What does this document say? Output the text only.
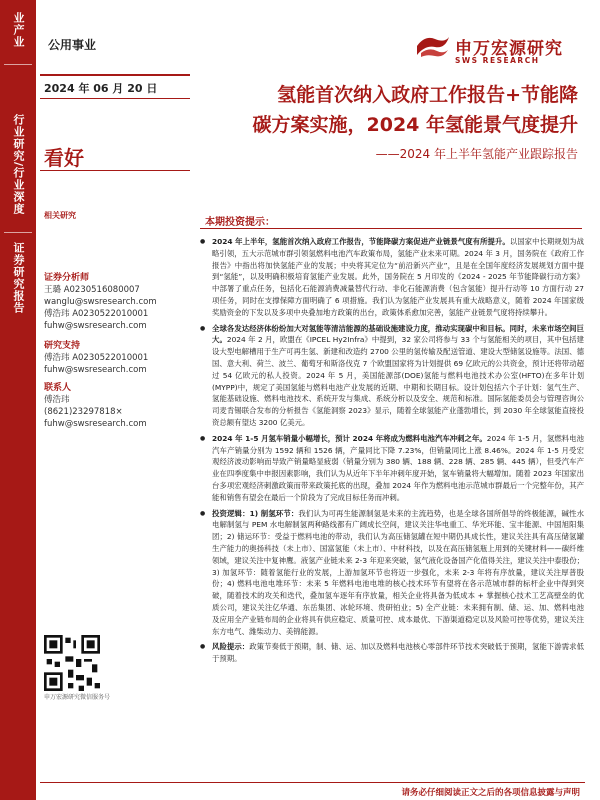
业产业
行业研究/行业深度
证券研究报告
公用事业
2024 年 06 月 20 日
看好
相关研究
证券分析师
王璐 A0230516080007
wanglu@swsresearch.com
傅浩玮 A0230522010001
fuhw@swsresearch.com
研究支持
傅浩玮 A0230522010001
fuhw@swsresearch.com
联系人
傅浩玮
(8621)23297818×
fuhw@swsresearch.com
申万宏源研究微信服务号
申万宏源研究
SWS RESEARCH
氢能首次纳入政府工作报告+节能降
碳方案实施，2024 年氢能景气度提升
——2024 年上半年氢能产业跟踪报告
本期投资提示：
● 2024 年上半年，氢能首次纳入政府工作报告，节能降碳方案促进产业链景气度有所提升。以国家中长期规划为战略引领，五大示范城市群引领氢燃料电池汽车政策布局，氢能产业未来可期。2024 年 3 月，国务院在《政府工作报告》中指出将加快氢能产业的发展；中央将其定位为“前沿新兴产业”，且是在全国年度经济发展规划方面中提到“氢能”，以及明确积极培育氢能产业发展。此外，国务院在 5 月印发的《2024 - 2025 年节能降碳行动方案》中部署了重点任务，包括化石能源消费减量替代行动、非化石能源消费（包含氢能）提升行动等 10 方面行动 27 项任务，同时在支撑保障方面明确了 6 项措施。我们认为氢能产业发展具有重大战略意义，随着 2024 年国家级奖励资金的下发以及多项中央叠加地方政策的出台，政策体系愈加完善，氢能产业链景气度将持续攀升。
● 全球各发达经济体纷纷加大对氢能等清洁能源的基础设施建设力度，推动实现碳中和目标。同时，未来市场空间巨大。2024 年 2 月，欧盟在《IPCEL Hy2Infra》中提到，32 家公司将参与 33 个与氢能相关的项目，其中包括建设大型电解槽用于生产可再生氢、新建和改造约 2700 公里的氢传输及配送管道、建设大型储氢设施等。法国、德国、意大利、荷兰、波兰、葡萄牙和斯洛伐克 7 个欧盟国家将为计划提供 69 亿欧元的公共资金，预计还将带动超过 54 亿欧元的私人投资。2024 年 5 月，美国能源部(DOE)氢能与燃料电池技术办公室(HFTO)在多年计划(MYPP)中，规定了美国氢能与燃料电池产业发展的近期、中期和长期目标。设计划包括六个子计划：氢气生产、氢能基础设施、燃料电池技术、系统开发与集成、系统分析以及安全、规范和标准。国际氢能委员会与管理咨询公司麦肯锡联合发布的分析报告《氢能洞察 2023》显示，随着全球氢能产业蓬勃增长，到 2030 年全球氢能直接投资总额有望达 3200 亿美元。
● 2024 年 1-5 月氢车销量小幅增长，预计 2024 年将成为燃料电池汽车冲刺之年。2024 年 1-5 月，氢燃料电池汽车产销量分别为 1592 辆和 1526 辆，产量同比下降 7.23%，但销量同比上涨 8.46%。2024 年 1-5 月受宏观经济波动影响而导致产销量略显疲弱（销量分别为 380 辆、188 辆、228 辆、285 辆、445 辆），但受汽车产业在四季度集中申报因素影响，我们认为从近年下半年冲刺年度开始，氢车销量将大幅增加。随着 2023 年国家出台多项宏观经济刺激政策而带来政策托底的出现，叠加 2024 年作为燃料电池示范城市群最后一个完整年份，其产能和销售有望会在最后一个阶段为了完成目标任务而冲刺。
● 投资逻辑：1) 制氢环节：我们认为可再生能源制氢是未来的主流趋势，也是全球各国所倡导的终极能源，碱性水电解制氢与 PEM 水电解制氢两种路线都有广阔成长空间，建议关注华电重工、华光环能、宝丰能源、中国旭阳集团；2) 储运环节：受益于燃料电池的带动，我们认为高压储氢罐在短中期仍具成长性，建议关注具有高压储氢罐生产能力的奥扬科技（未上市）、国富氢能（未上市）、中材科技，以及在高压储氢瓶上用到的关键材料——碳纤维领域，建议关注中复神鹰。液氢产业链未来 2-3 年迎来突破，氢气液化设备国产化值得关注，建议关注中泰股份；3) 加氢环节：随着氢能行业的发展，上游加氢环节也将迈一步强化，未来 2-3 年将有序放量，建议关注厚普股份；4) 燃料电池电堆环节：未来 5 年燃料电池电堆的核心技术环节有望将在各示范城市群的标杆企业中得到突破，随着技术的攻关和迭代，叠加氢车逐年有序放量，相关企业将具备为低成本 + 掌握核心技术工艺高壁垒的优质公司，建议关注亿华通、东岳集团、冰轮环境、贵研铂业；5) 全产业链：未来拥有制、储、运、加、燃料电池及应用全产业链布局的企业将具有供应稳定、质量可控、成本最优、下游渠道稳定以及风险可控等优势，建议关注东方电气、潍柴动力、美锦能源。
● 风险提示：政策节奏低于预期，制、储、运、加以及燃料电池核心零部件环节技术突破低于预期，氢能下游需求低于预期。
请务必仔细阅读正文之后的各项信息披露与声明
